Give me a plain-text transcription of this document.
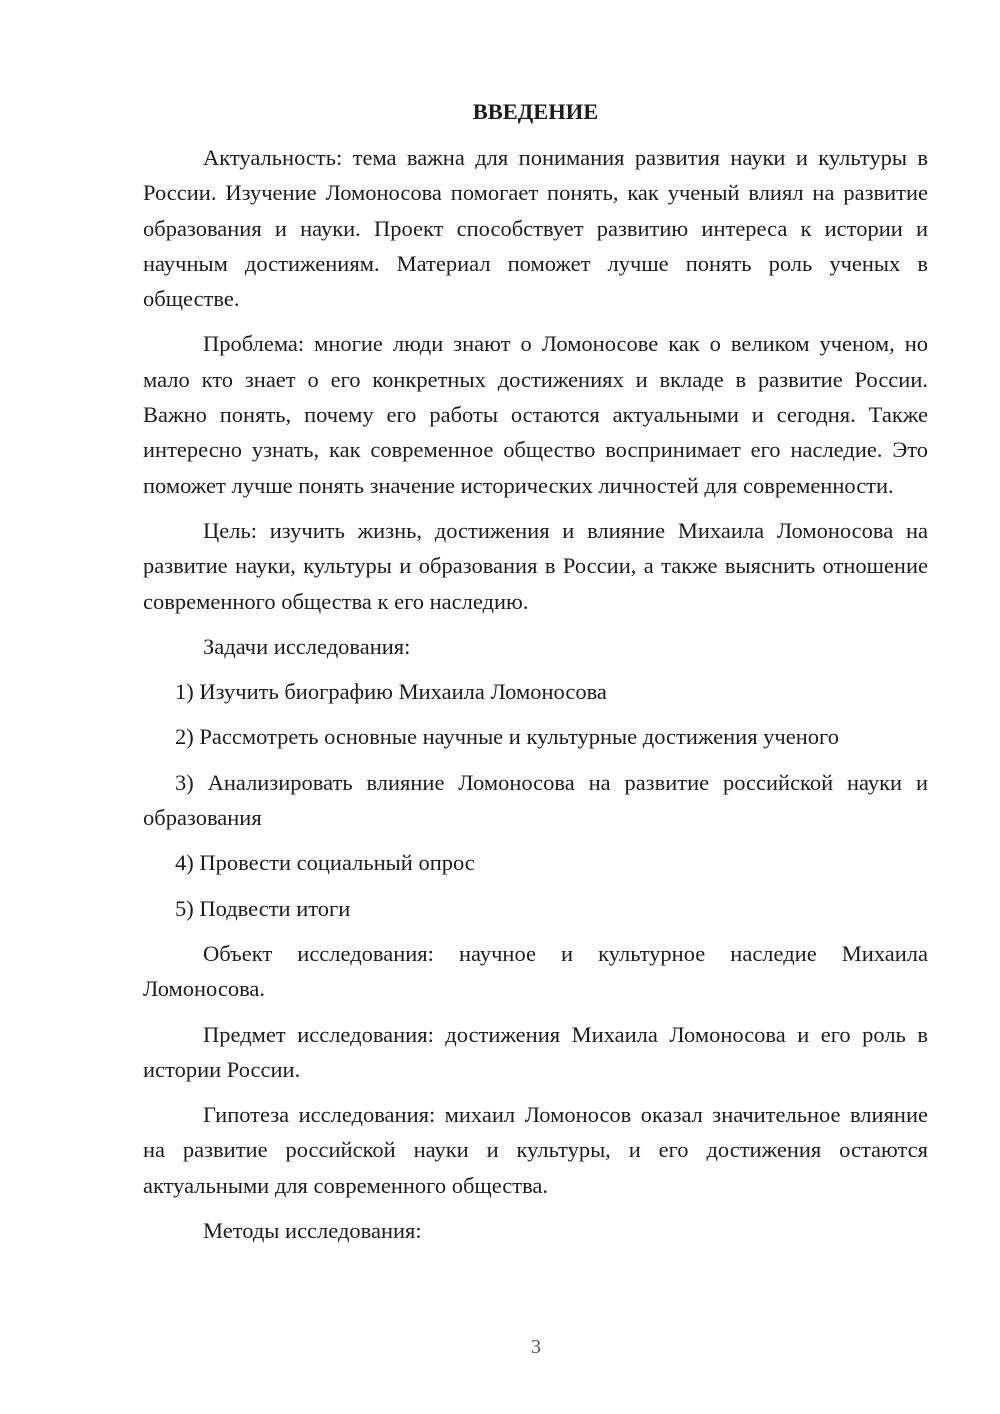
ВВЕДЕНИЕ

Актуальность: тема важна для понимания развития науки и культуры в России. Изучение Ломоносова помогает понять, как ученый влиял на развитие образования и науки. Проект способствует развитию интереса к истории и научным достижениям. Материал поможет лучше понять роль ученых в обществе.

Проблема: многие люди знают о Ломоносове как о великом ученом, но мало кто знает о его конкретных достижениях и вкладе в развитие России. Важно понять, почему его работы остаются актуальными и сегодня. Также интересно узнать, как современное общество воспринимает его наследие. Это поможет лучше понять значение исторических личностей для современности.

Цель: изучить жизнь, достижения и влияние Михаила Ломоносова на развитие науки, культуры и образования в России, а также выяснить отношение современного общества к его наследию.

Задачи исследования:

1) Изучить биографию Михаила Ломоносова

2) Рассмотреть основные научные и культурные достижения ученого

3) Анализировать влияние Ломоносова на развитие российской науки и образования

4) Провести социальный опрос

5) Подвести итоги

Объект исследования: научное и культурное наследие Михаила Ломоносова.

Предмет исследования: достижения Михаила Ломоносова и его роль в истории России.

Гипотеза исследования: михаил Ломоносов оказал значительное влияние на развитие российской науки и культуры, и его достижения остаются актуальными для современного общества.

Методы исследования:

3
